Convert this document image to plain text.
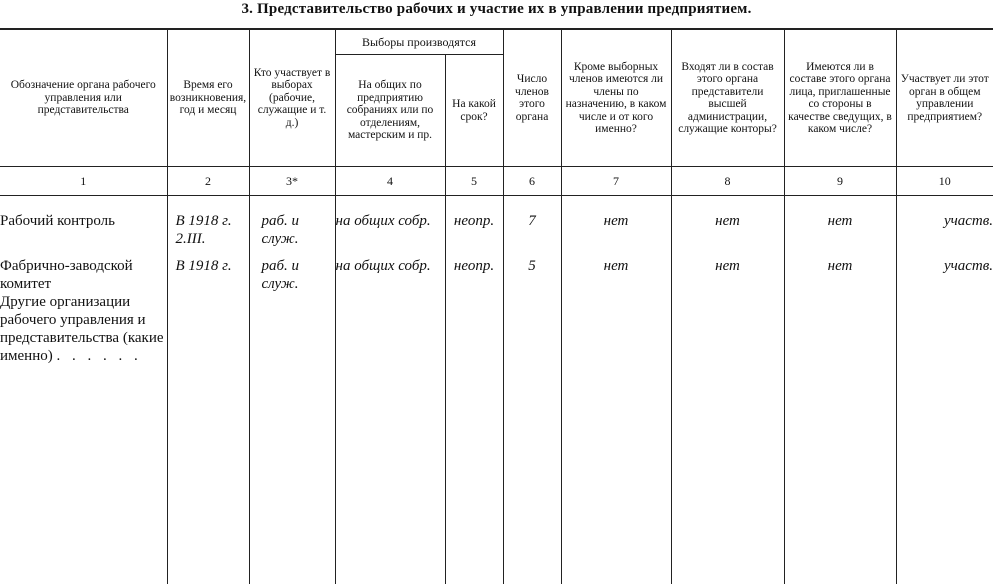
3. Представительство рабочих и участие их в управлении предприятием.
Обозначение органа рабочего управления или представительства	Время его возникновения, год и месяц	Кто участвует в выборах (рабочие, служащие и т. д.)	Выборы производятся		Число членов этого органа	Кроме выборных членов имеются ли члены по назначению, в каком числе и от кого именно?	Входят ли в состав этого органа представители высшей администрации, служащие конторы?	Имеются ли в составе этого органа лица, приглашенные со стороны в качестве сведущих, в каком числе?	Участвует ли этот орган в общем управлении предприятием?
			На общих по предприятию собраниях или по отделениям, мастерским и пр.	На какой срок?					
1	2	3*	4	5	6	7	8	9	10
Рабочий контроль	В 1918 г. 2.III.	раб. и служ.	на общих собр.	неопр.	7	нет	нет	нет	участв.
Фабрично-заводской комитет	В 1918 г.	раб. и служ.	на общих собр.	неопр.	5	нет	нет	нет	участв.
Другие организации рабочего управления и представительства (какие именно) . . . . . .									
